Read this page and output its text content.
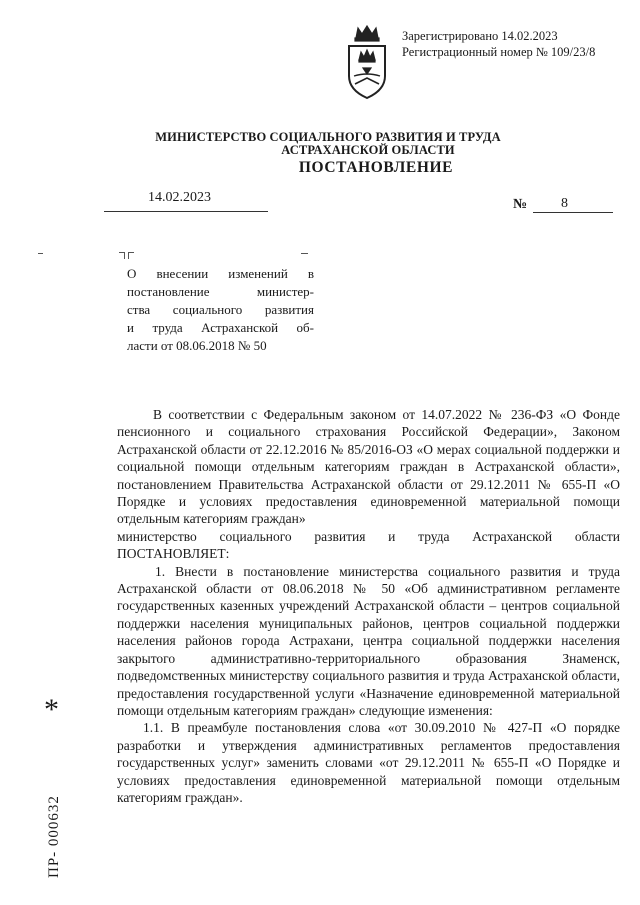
Зарегистрировано 14.02.2023
Регистрационный номер № 109/23/8
МИНИСТЕРСТВО СОЦИАЛЬНОГО РАЗВИТИЯ И ТРУДА
АСТРАХАНСКОЙ ОБЛАСТИ
ПОСТАНОВЛЕНИЕ
14.02.2023	№ 8
О внесении изменений в
постановление министер-
ства социального развития
и труда Астраханской об-
ласти от 08.06.2018 № 50

В соответствии с Федеральным законом от 14.07.2022 № 236-ФЗ «О Фонде пенсионного и социального страхования Российской Федерации», Законом Астраханской области от 22.12.2016 № 85/2016-ОЗ «О мерах социальной поддержки и социальной помощи отдельным категориям граждан в Астраханской области», постановлением Правительства Астраханской области от 29.12.2011 № 655-П «О Порядке и условиях предоставления единовременной материальной помощи отдельным категориям граждан»

министерство социального развития и труда Астраханской области

ПОСТАНОВЛЯЕТ:

1. Внести в постановление министерства социального развития и труда Астраханской области от 08.06.2018 № 50 «Об административном регламенте государственных казенных учреждений Астраханской области – центров социальной поддержки населения муниципальных районов, центров социальной поддержки населения районов города Астрахани, центра социальной поддержки населения закрытого административно-территориального образования Знаменск, подведомственных министерству социального развития и труда Астраханской области, предоставления государственной услуги «Назначение единовременной материальной помощи отдельным категориям граждан» следующие изменения:

1.1. В преамбуле постановления слова «от 30.09.2010 № 427-П «О порядке разработки и утверждения административных регламентов предоставления государственных услуг» заменить словами «от 29.12.2011 № 655-П «О Порядке и условиях предоставления единовременной материальной помощи отдельным категориям граждан».

*
ПР- 000632
